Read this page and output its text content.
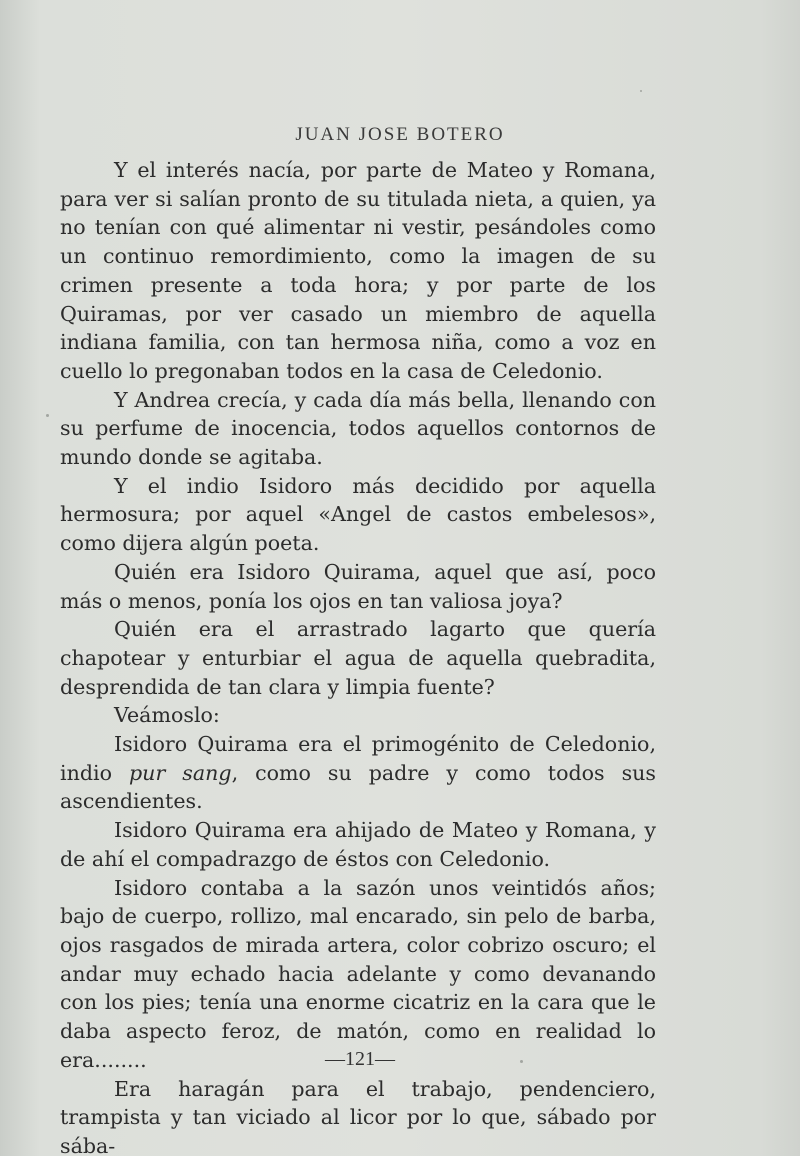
JUAN JOSE BOTERO

Y el interés nacía, por parte de Mateo y Romana, para ver si salían pronto de su titulada nieta, a quien, ya no tenían con qué alimentar ni vestir, pesándoles como un continuo remordimiento, como la imagen de su crimen presente a toda hora; y por parte de los Quiramas, por ver casado un miembro de aquella indiana familia, con tan hermosa niña, como a voz en cuello lo pregonaban todos en la casa de Celedonio.

Y Andrea crecía, y cada día más bella, llenando con su perfume de inocencia, todos aquellos contornos de mundo donde se agitaba.

Y el indio Isidoro más decidido por aquella hermosura; por aquel «Angel de castos embelesos», como dijera algún poeta.

Quién era Isidoro Quirama, aquel que así, poco más o menos, ponía los ojos en tan valiosa joya?

Quién era el arrastrado lagarto que quería chapotear y enturbiar el agua de aquella quebradita, desprendida de tan clara y limpia fuente?

Veámoslo:

Isidoro Quirama era el primogénito de Celedonio, indio pur sang, como su padre y como todos sus ascendientes.

Isidoro Quirama era ahijado de Mateo y Romana, y de ahí el compadrazgo de éstos con Celedonio.

Isidoro contaba a la sazón unos veintidós años; bajo de cuerpo, rollizo, mal encarado, sin pelo de barba, ojos rasgados de mirada artera, color cobrizo oscuro; el andar muy echado hacia adelante y como devanando con los pies; tenía una enorme cicatriz en la cara que le daba aspecto feroz, de matón, como en realidad lo era........

Era haragán para el trabajo, pendenciero, trampista y tan viciado al licor por lo que, sábado por sába-

—121—
